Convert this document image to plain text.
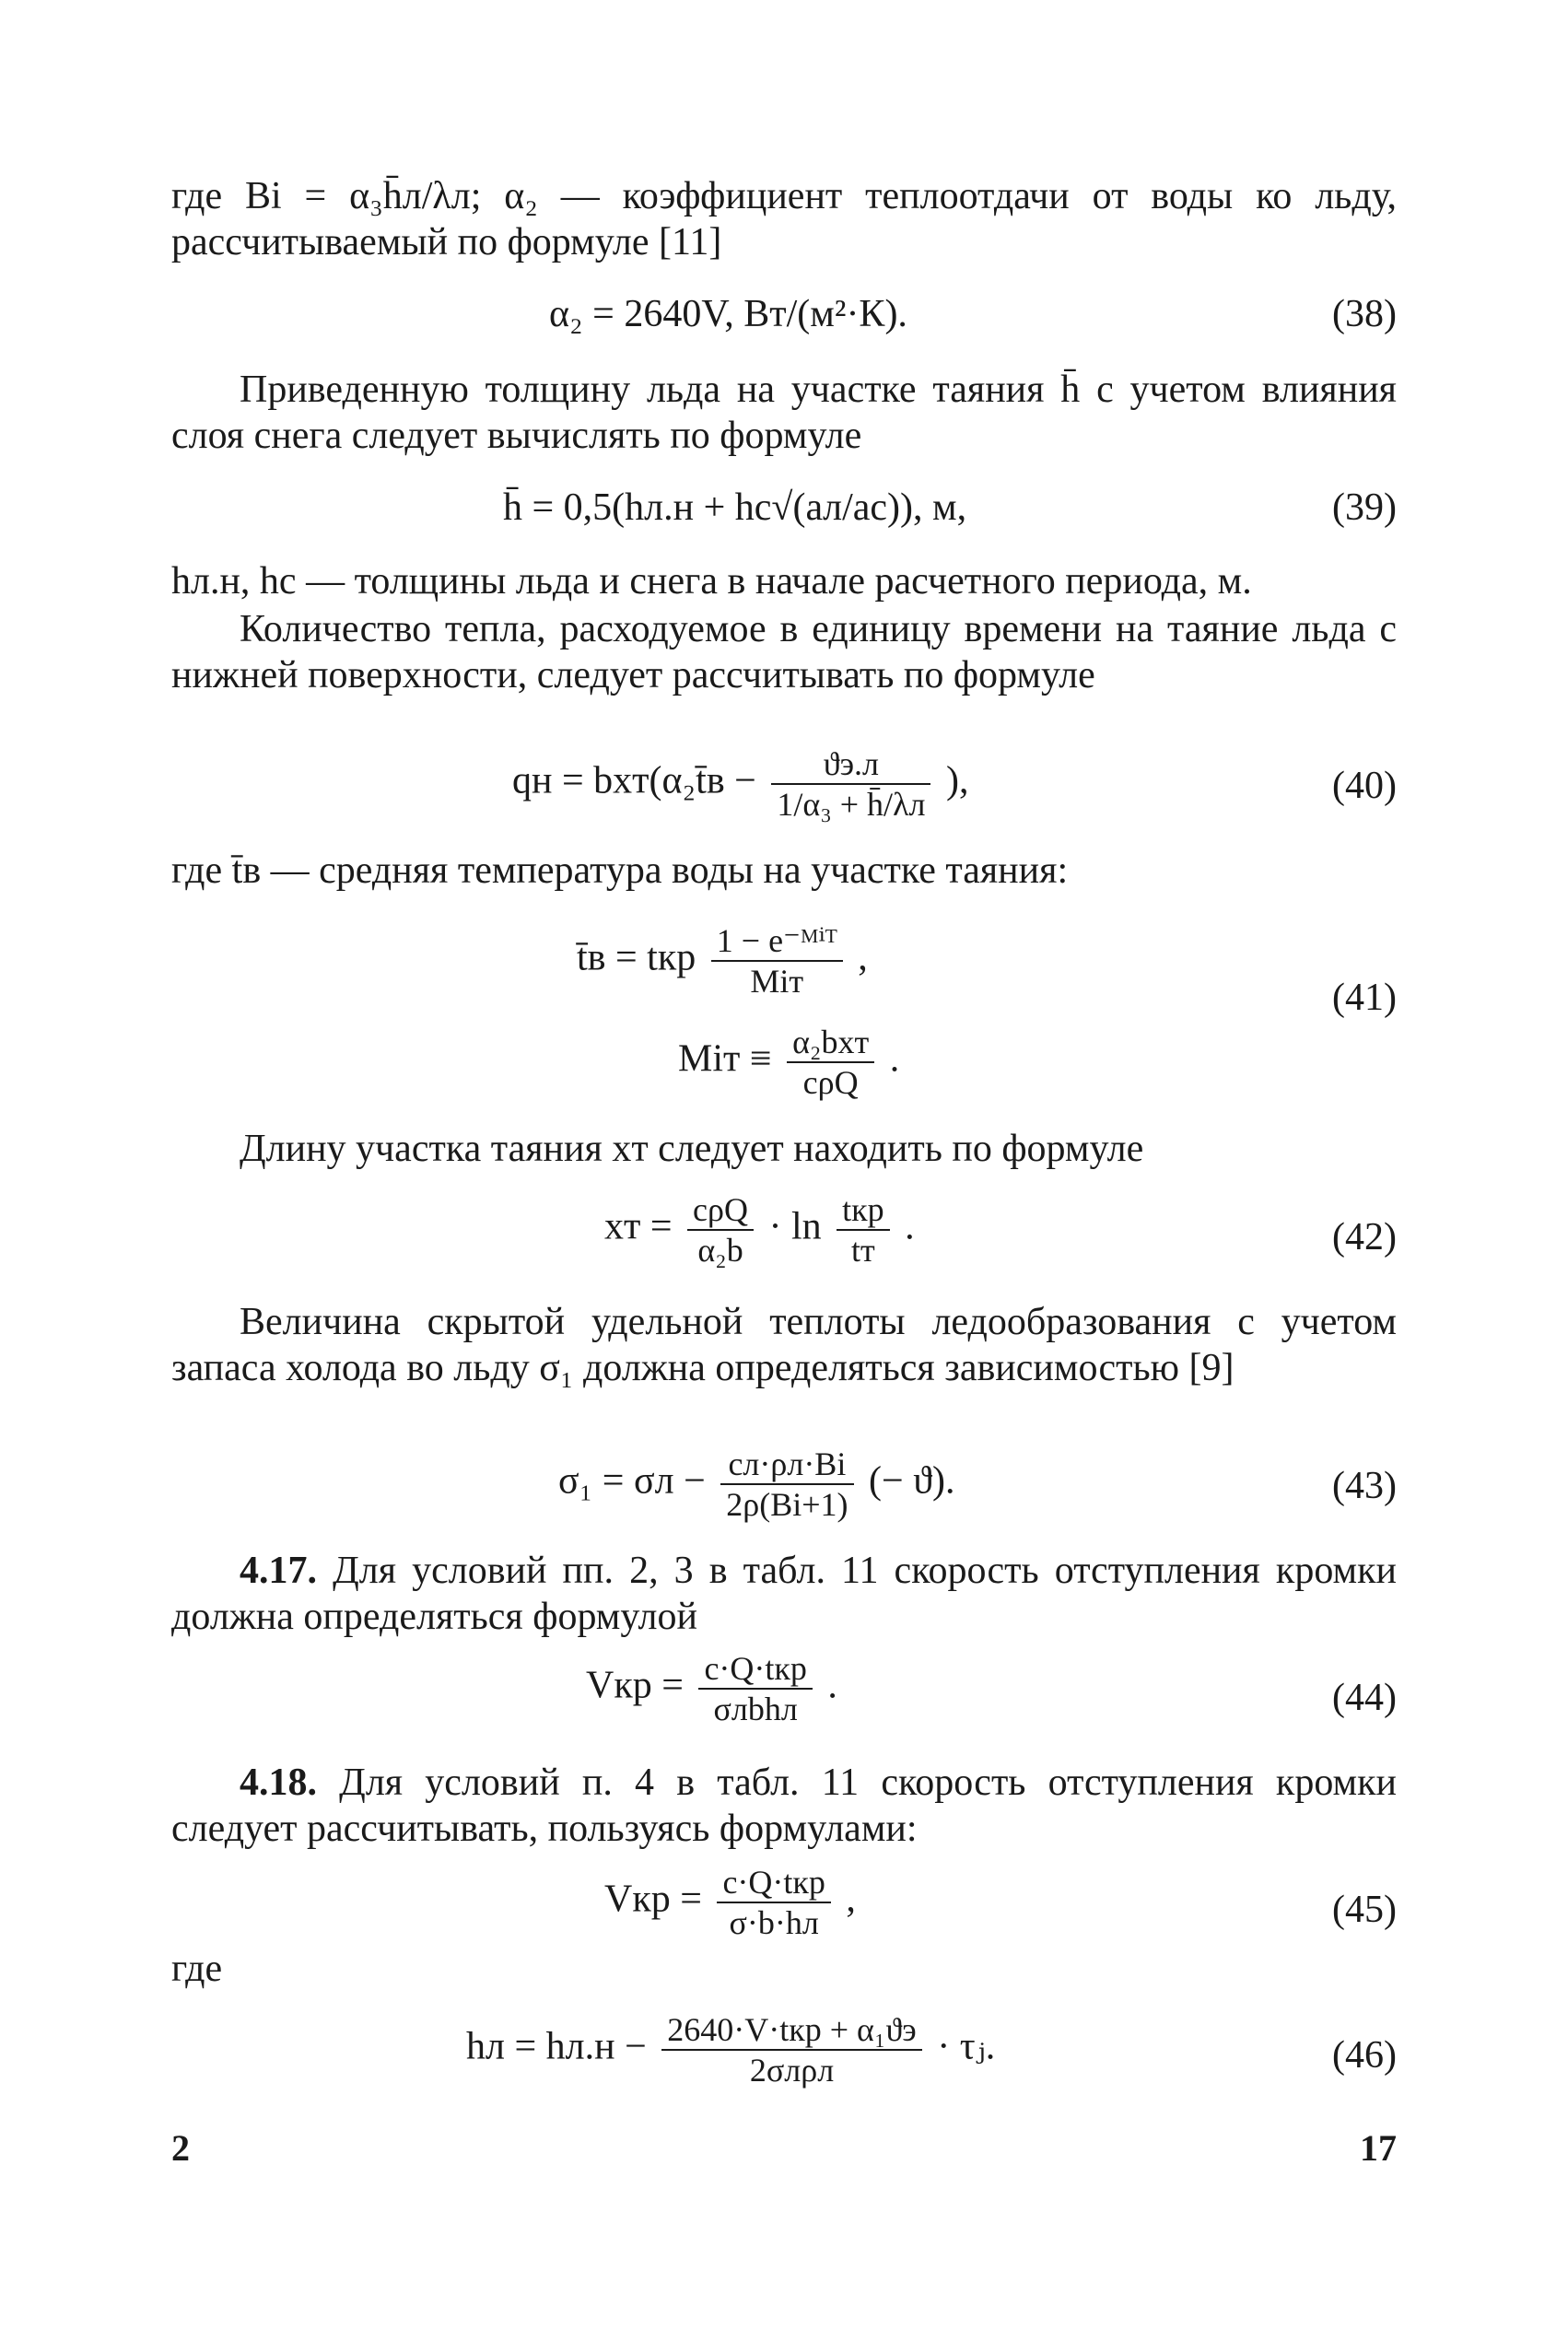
где Bi = α₃h̄л/λл; α₂ — коэффициент теплоотдачи от воды ко льду, рассчитываемый по формуле [11]
α₂ = 2640V, Вт/(м²·К).	(38)
Приведенную толщину льда на участке таяния h̄ с учетом влияния слоя снега следует вычислять по формуле
h̄ = 0,5(hл.н + hс√(aл/aс)), м,	(39)
hл.н, hс — толщины льда и снега в начале расчетного периода, м.
Количество тепла, расходуемое в единицу времени на таяние льда с нижней поверхности, следует рассчитывать по формуле
qн = bxт(α₂t̄в − $\frac{ϑэ.л}{\text{1/α₃ + h̄/λл}}$ ),	(40)
где t̄в — средняя температура воды на участке таяния:
t̄в = tкр $\frac{\text{1 − e⁻ᴹⁱᵀ}}{\text{Miт}}$ ,
(41)
Miт ≡ $\frac{\text{α₂bxт}}{\text{cρQ}}$ .
Длину участка таяния xт следует находить по формуле
xт = $\frac{\text{cρQ}}{\text{α₂b}} \cdot \ln \frac{\text{tкр}}{tт}$ .	(42)
Величина скрытой удельной теплоты ледообразования с учетом запаса холода во льду σ₁ должна определяться зависимостью [9]
$\sigma_1 = \sigma л - \frac{cл\cdot\rho л\cdot Bi}{2\rho(Bi+1)}$ (− ϑ).	(43)
4.17. Для условий пп. 2, 3 в табл. 11 скорость отступления кромки должна определяться формулой
Vкр = $\frac{\text{c·Q·tкр}}{\text{σлbhл}}$ .	(44)
4.18. Для условий п. 4 в табл. 11 скорость отступления кромки следует рассчитывать, пользуясь формулами:
Vкр = $\frac{\text{c·Q·tкр}}{\sigma\cdot b\cdot hл}$ ,	(45)
где
hл = $hл.н - \frac{\text{2640·V·tкр + α₁ϑэ}}{\text{2σлρл}}$ · τⱼ.	(46)
2	17
